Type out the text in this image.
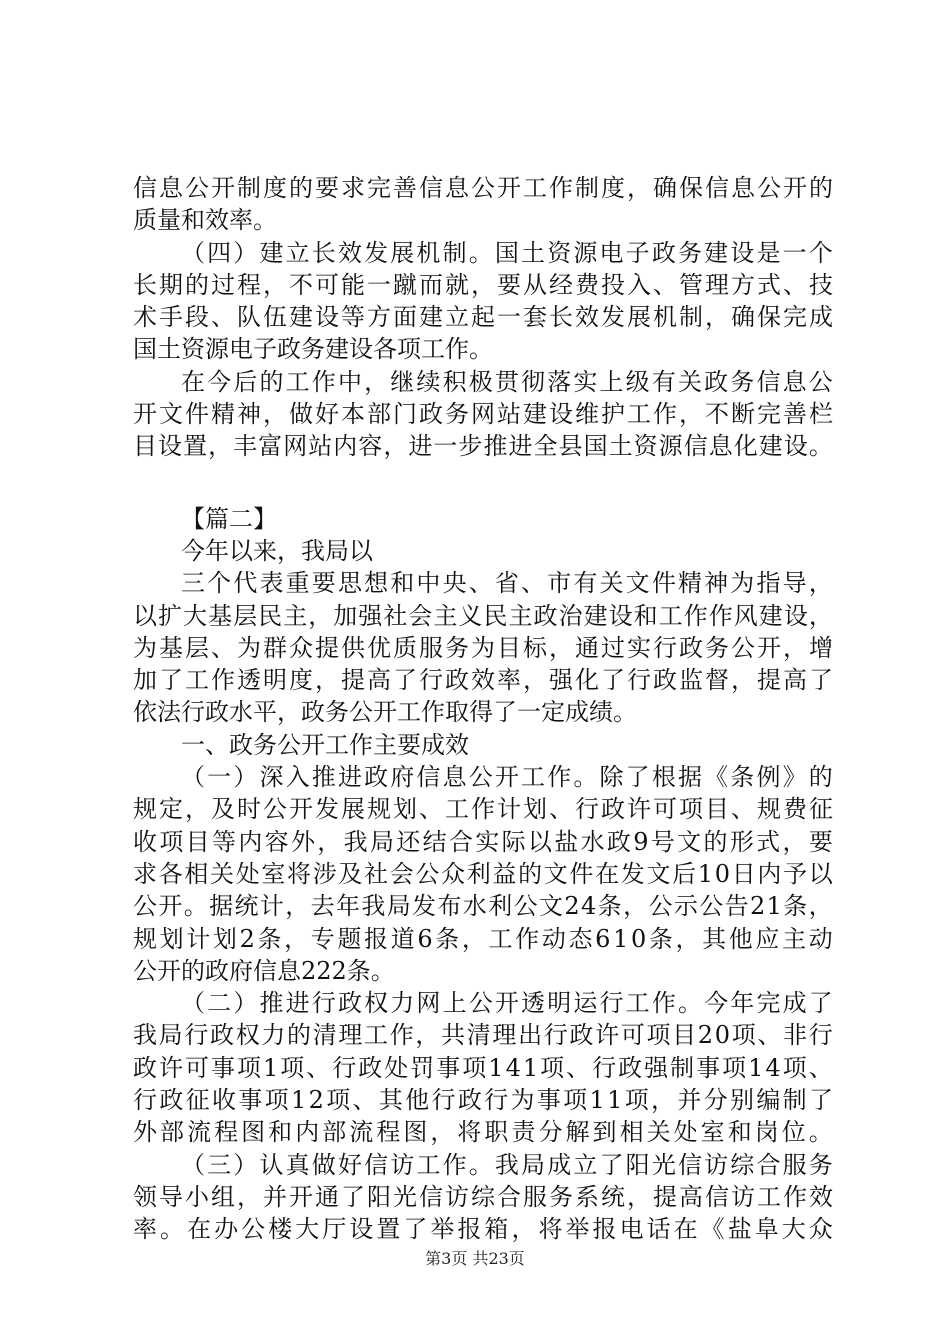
信 息 公 开 制 度 的 要 求 完 善 信 息 公 开 工 作 制 度 ， 确 保 信 息 公 开 的
质量和效率。
（ 四 ） 建 立 长 效 发 展 机 制 。 国 土 资 源 电 子 政 务 建 设 是 一 个
长 期 的 过 程 ， 不 可 能 一 蹴 而 就 ， 要 从 经 费 投 入 、 管 理 方 式 、 技
术 手 段 、 队 伍 建 设 等 方 面 建 立 起 一 套 长 效 发 展 机 制 ， 确 保 完 成
国土资源电子政务建设各项工作。
在 今 后 的 工 作 中 ， 继 续 积 极 贯 彻 落 实 上 级 有 关 政 务 信 息 公
开 文 件 精 神 ， 做 好 本 部 门 政 务 网 站 建 设 维 护 工 作 ， 不 断 完 善 栏
目 设 置 ， 丰 富 网 站 内 容 ， 进 一 步 推 进 全 县 国 土 资 源 信 息 化 建 设 。
【篇二】
今年以来，我局以
三 个 代 表 重 要 思 想 和 中 央 、 省 、 市 有 关 文 件 精 神 为 指 导 ，
以 扩 大 基 层 民 主 ， 加 强 社 会 主 义 民 主 政 治 建 设 和 工 作 作 风 建 设 ，
为 基 层 、 为 群 众 提 供 优 质 服 务 为 目 标 ， 通 过 实 行 政 务 公 开 ， 增
加 了 工 作 透 明 度 ， 提 高 了 行 政 效 率 ， 强 化 了 行 政 监 督 ， 提 高 了
依法行政水平，政务公开工作取得了一定成绩。
一、政务公开工作主要成效
（ 一 ） 深 入 推 进 政 府 信 息 公 开 工 作 。 除 了 根 据 《 条 例 》 的
规 定 ， 及 时 公 开 发 展 规 划 、 工 作 计 划 、 行 政 许 可 项 目 、 规 费 征
收 项 目 等 内 容 外 ， 我 局 还 结 合 实 际 以 盐 水 政 9 号 文 的 形 式 ， 要
求 各 相 关 处 室 将 涉 及 社 会 公 众 利 益 的 文 件 在 发 文 后 1 0 日 内 予 以
公 开 。 据 统 计 ， 去 年 我 局 发 布 水 利 公 文 2 4 条 ， 公 示 公 告 2 1 条 ，
规 划 计 划 2 条 ， 专 题 报 道 6 条 ， 工 作 动 态 6 1 0 条 ， 其 他 应 主 动
公开的政府信息222条。
（ 二 ） 推 进 行 政 权 力 网 上 公 开 透 明 运 行 工 作 。 今 年 完 成 了
我 局 行 政 权 力 的 清 理 工 作 ， 共 清 理 出 行 政 许 可 项 目 2 0 项 、 非 行
政 许 可 事 项 1 项 、 行 政 处 罚 事 项 1 4 1 项 、 行 政 强 制 事 项 1 4 项 、
行 政 征 收 事 项 1 2 项 、 其 他 行 政 行 为 事 项 1 1 项 ， 并 分 别 编 制 了
外 部 流 程 图 和 内 部 流 程 图 ， 将 职 责 分 解 到 相 关 处 室 和 岗 位 。
（ 三 ） 认 真 做 好 信 访 工 作 。 我 局 成 立 了 阳 光 信 访 综 合 服 务
领 导 小 组 ， 并 开 通 了 阳 光 信 访 综 合 服 务 系 统 ， 提 高 信 访 工 作 效
率 。 在 办 公 楼 大 厅 设 置 了 举 报 箱 ， 将 举 报 电 话 在 《 盐 阜 大 众
第3页 共23页
